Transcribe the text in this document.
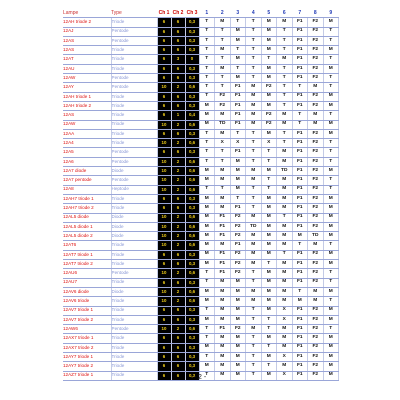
Lampe	Type	Ch 1	Ch 2	Ch 3	1	2	3	4	5	6	7	8	9
12AH triode 2	Triode	6	6	0,3	T	M	T	T	M	M	F1	F2	M
12AJ	Pentode	6	6	0,3	T	T	M	T	M	T	F1	F2	T
12AS	Pentode	6	6	0,3	T	T	M	T	M	T	F1	F2	T
12AS	Triode	6	6	0,3	T	M	T	T	M	T	F1	F2	M
12AT	Triode	6	3	0	T	T	M	T	T	M	F1	F2	T
12AU	Triode	6	6	0,3	T	M	T	T	M	T	F1	F2	M
12AW	Pentode	6	6	0,3	T	T	M	T	M	T	F1	F2	T
12AY	Pentode	10	2	0,6	T	T	F1	M	F2	T	T	M	T
12AH triode 1	Triode	6	6	0,3	T	F2	F1	M	M	T	F1	F2	M
12AH triode 2	Triode	6	6	0,3	M	F2	F1	M	M	T	F1	F2	M
12AS	Triode	6	1	0,4	M	M	F1	M	F2	M	T	M	T
12AW	Triode	10	2	0,6	M	TD	F1	M	F2	M	T	M	M
12AA	Triode	6	6	0,3	T	M	T	T	M	T	F1	F2	M
12A4	Triode	10	2	0,6	T	X	X	T	X	T	F1	F2	T
12A5	Pentode	6	6	0,3	T	T	F1	T	T	M	F1	F2	T
12A6	Pentode	10	2	0,6	T	T	M	T	T	M	F1	F2	T
12A7 diode	Diode	10	2	0,6	M	M	M	M	M	TD	F1	F2	M
12A7 pentode	Pentode	10	2	0,6	M	M	M	M	T	M	F1	F2	T
12A8	Heptode	10	2	0,6	T	T	M	T	T	M	F1	F2	T
12AH7 triode 1	Triode	6	6	0,3	M	M	T	T	M	M	F1	F2	M
12AH7 triode 2	Triode	6	6	0,3	M	M	F1	T	M	M	F1	F2	M
12AL5 diode	Diode	10	2	0,6	M	F1	F2	M	M	T	F1	F2	M
12AL5 diode 1	Diode	10	2	0,6	M	F1	F2	TD	M	M	F1	F2	M
12AL5 diode 2	Diode	10	2	0,6	M	F1	F2	M	M	M	M	TD	M
12AT6	Triode	10	2	0,6	M	M	F1	M	M	M	T	M	T
12AT7 triode 1	Triode	6	6	0,3	M	F1	F2	M	M	T	F1	F2	M
12AT7 triode 2	Triode	6	6	0,3	M	F1	F2	M	T	M	F1	F2	M
12AU6	Pentode	10	2	0,6	T	F1	F2	T	M	M	F1	F2	T
12AU7	Triode	6	6	0,3	T	M	M	T	M	M	F1	F2	T
12AV6 diode	Diode	10	2	0,6	M	M	M	M	M	M	T	M	M
12AV6 triode	Triode	10	2	0,6	M	M	M	M	M	M	M	M	T
12AV7 triode 1	Triode	6	6	0,3	T	M	M	T	M	X	F1	F2	M
12AV7 triode 2	Triode	6	6	0,3	M	M	M	T	T	X	F1	F2	M
12AW6	Pentode	10	2	0,6	T	F1	F2	M	T	M	F1	F2	T
12AX7 triode 1	Triode	6	6	0,3	T	M	M	T	M	M	F1	F2	M
12AX7 triode 2	Triode	6	6	0,3	M	M	M	T	T	M	F1	F2	M
12AY7 triode 1	Triode	6	6	0,3	T	M	M	T	M	X	F1	F2	M
12AY7 triode 2	Triode	6	6	0,3	M	M	M	T	T	M	F1	F2	M
12AZ7 triode 1	Triode	6	6	0,3	T	M	M	T	M	X	F1	F2	M
- 2 -
